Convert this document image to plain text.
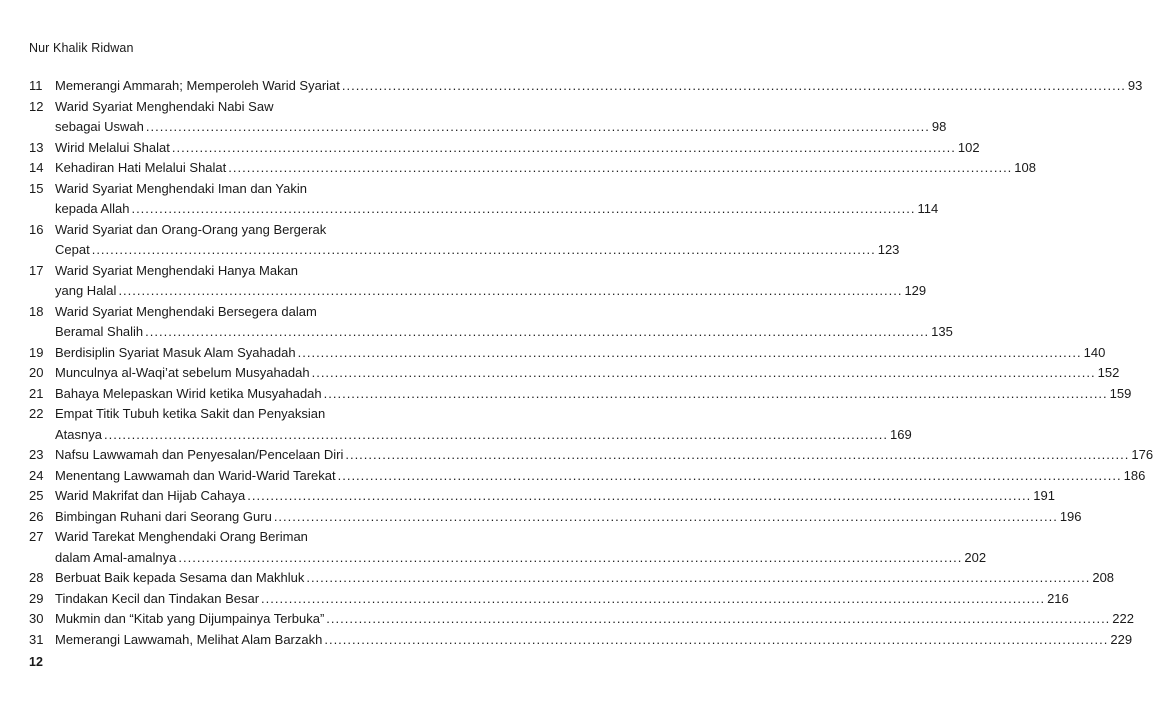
Nur Khalik Ridwan
11 Memerangi Ammarah; Memperoleh Warid Syariat .....	93
12 Warid Syariat Menghendaki Nabi Saw
sebagai Uswah .....	98
13 Wirid Melalui Shalat .....	102
14 Kehadiran Hati Melalui Shalat .....	108
15 Warid Syariat Menghendaki Iman dan Yakin
kepada Allah .....	114
16 Warid Syariat dan Orang-Orang yang Bergerak
Cepat .....	123
17 Warid Syariat Menghendaki Hanya Makan
yang Halal .....	129
18 Warid Syariat Menghendaki Bersegera dalam
Beramal Shalih .....	135
19 Berdisiplin Syariat Masuk Alam Syahadah .....	140
20 Munculnya al-Waqi’at sebelum Musyahadah .....	152
21 Bahaya Melepaskan Wirid ketika Musyahadah .....	159
22 Empat Titik Tubuh ketika Sakit dan Penyaksian
Atasnya .....	169
23 Nafsu Lawwamah dan Penyesalan/Pencelaan Diri .....	176
24 Menentang Lawwamah dan Warid-Warid Tarekat .....	186
25 Warid Makrifat dan Hijab Cahaya .....	191
26 Bimbingan Ruhani dari Seorang Guru .....	196
27 Warid Tarekat Menghendaki Orang Beriman
dalam Amal-amalnya .....	202
28 Berbuat Baik kepada Sesama dan Makhluk .....	208
29 Tindakan Kecil dan Tindakan Besar .....	216
30 Mukmin dan “Kitab yang Dijumpainya Terbuka” .....	222
31 Memerangi Lawwamah, Melihat Alam Barzakh .....	229
12
